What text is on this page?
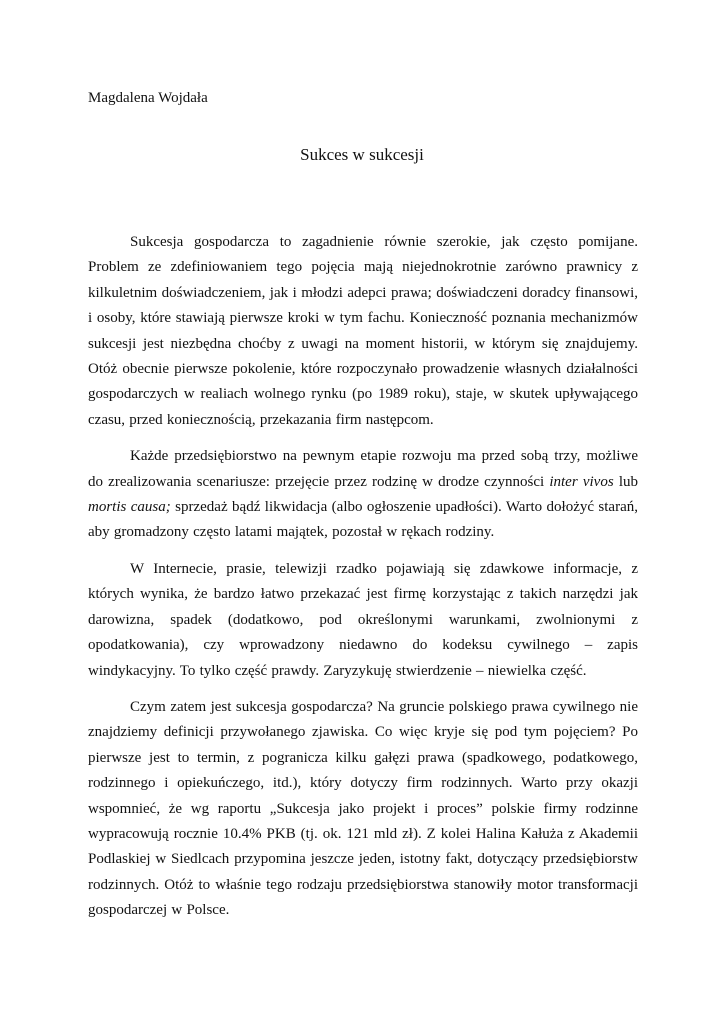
Magdalena Wojdała
Sukces w sukcesji

Sukcesja gospodarcza to zagadnienie równie szerokie, jak często pomijane. Problem ze zdefiniowaniem tego pojęcia mają niejednokrotnie zarówno prawnicy z kilkuletnim doświadczeniem, jak i młodzi adepci prawa; doświadczeni doradcy finansowi, i osoby, które stawiają pierwsze kroki w tym fachu. Konieczność poznania mechanizmów sukcesji jest niezbędna choćby z uwagi na moment historii, w którym się znajdujemy. Otóż obecnie pierwsze pokolenie, które rozpoczynało prowadzenie własnych działalności gospodarczych w realiach wolnego rynku (po 1989 roku), staje, w skutek upływającego czasu, przed koniecznością, przekazania firm następcom.

Każde przedsiębiorstwo na pewnym etapie rozwoju ma przed sobą trzy, możliwe do zrealizowania scenariusze: przejęcie przez rodzinę w drodze czynności inter vivos lub mortis causa; sprzedaż bądź likwidacja (albo ogłoszenie upadłości). Warto dołożyć starań, aby gromadzony często latami majątek, pozostał w rękach rodziny.

W Internecie, prasie, telewizji rzadko pojawiają się zdawkowe informacje, z których wynika, że bardzo łatwo przekazać jest firmę korzystając z takich narzędzi jak darowizna, spadek (dodatkowo, pod określonymi warunkami, zwolnionymi z opodatkowania), czy wprowadzony niedawno do kodeksu cywilnego – zapis windykacyjny. To tylko część prawdy. Zaryzykuję stwierdzenie – niewielka część.

Czym zatem jest sukcesja gospodarcza? Na gruncie polskiego prawa cywilnego nie znajdziemy definicji przywołanego zjawiska. Co więc kryje się pod tym pojęciem? Po pierwsze jest to termin, z pogranicza kilku gałęzi prawa (spadkowego, podatkowego, rodzinnego i opiekuńczego, itd.), który dotyczy firm rodzinnych. Warto przy okazji wspomnieć, że wg raportu „Sukcesja jako projekt i proces” polskie firmy rodzinne wypracowują rocznie 10.4% PKB (tj. ok. 121 mld zł). Z kolei Halina Kałuża z Akademii Podlaskiej w Siedlcach przypomina jeszcze jeden, istotny fakt, dotyczący przedsiębiorstw rodzinnych. Otóż to właśnie tego rodzaju przedsiębiorstwa stanowiły motor transformacji gospodarczej w Polsce.
